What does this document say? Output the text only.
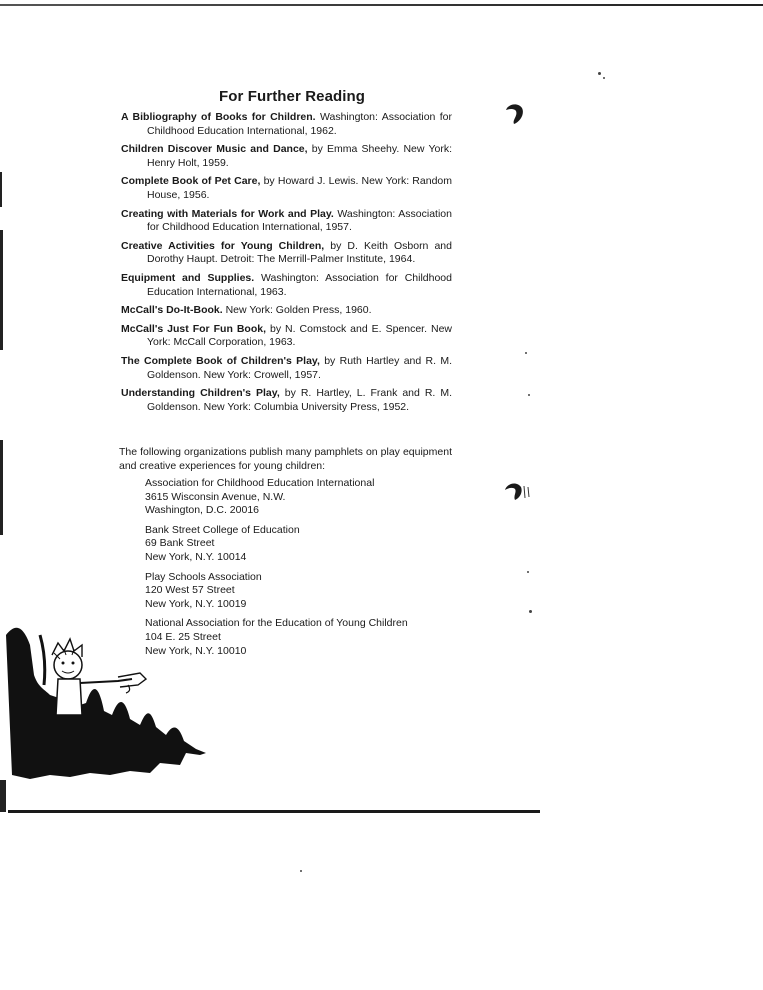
For Further Reading
A Bibliography of Books for Children. Washington: Association for Childhood Education International, 1962.
Children Discover Music and Dance, by Emma Sheehy. New York: Henry Holt, 1959.
Complete Book of Pet Care, by Howard J. Lewis. New York: Random House, 1956.
Creating with Materials for Work and Play. Washington: Association for Childhood Education International, 1957.
Creative Activities for Young Children, by D. Keith Osborn and Dorothy Haupt. Detroit: The Merrill-Palmer Institute, 1964.
Equipment and Supplies. Washington: Association for Childhood Education International, 1963.
McCall's Do-It-Book. New York: Golden Press, 1960.
McCall's Just For Fun Book, by N. Comstock and E. Spencer. New York: McCall Corporation, 1963.
The Complete Book of Children's Play, by Ruth Hartley and R. M. Goldenson. New York: Crowell, 1957.
Understanding Children's Play, by R. Hartley, L. Frank and R. M. Goldenson. New York: Columbia University Press, 1952.

The following organizations publish many pamphlets on play equipment and creative experiences for young children:

Association for Childhood Education International
3615 Wisconsin Avenue, N.W.
Washington, D.C. 20016
Bank Street College of Education
69 Bank Street
New York, N.Y. 10014
Play Schools Association
120 West 57 Street
New York, N.Y. 10019
National Association for the Education of Young Children
104 E. 25 Street
New York, N.Y. 10010
